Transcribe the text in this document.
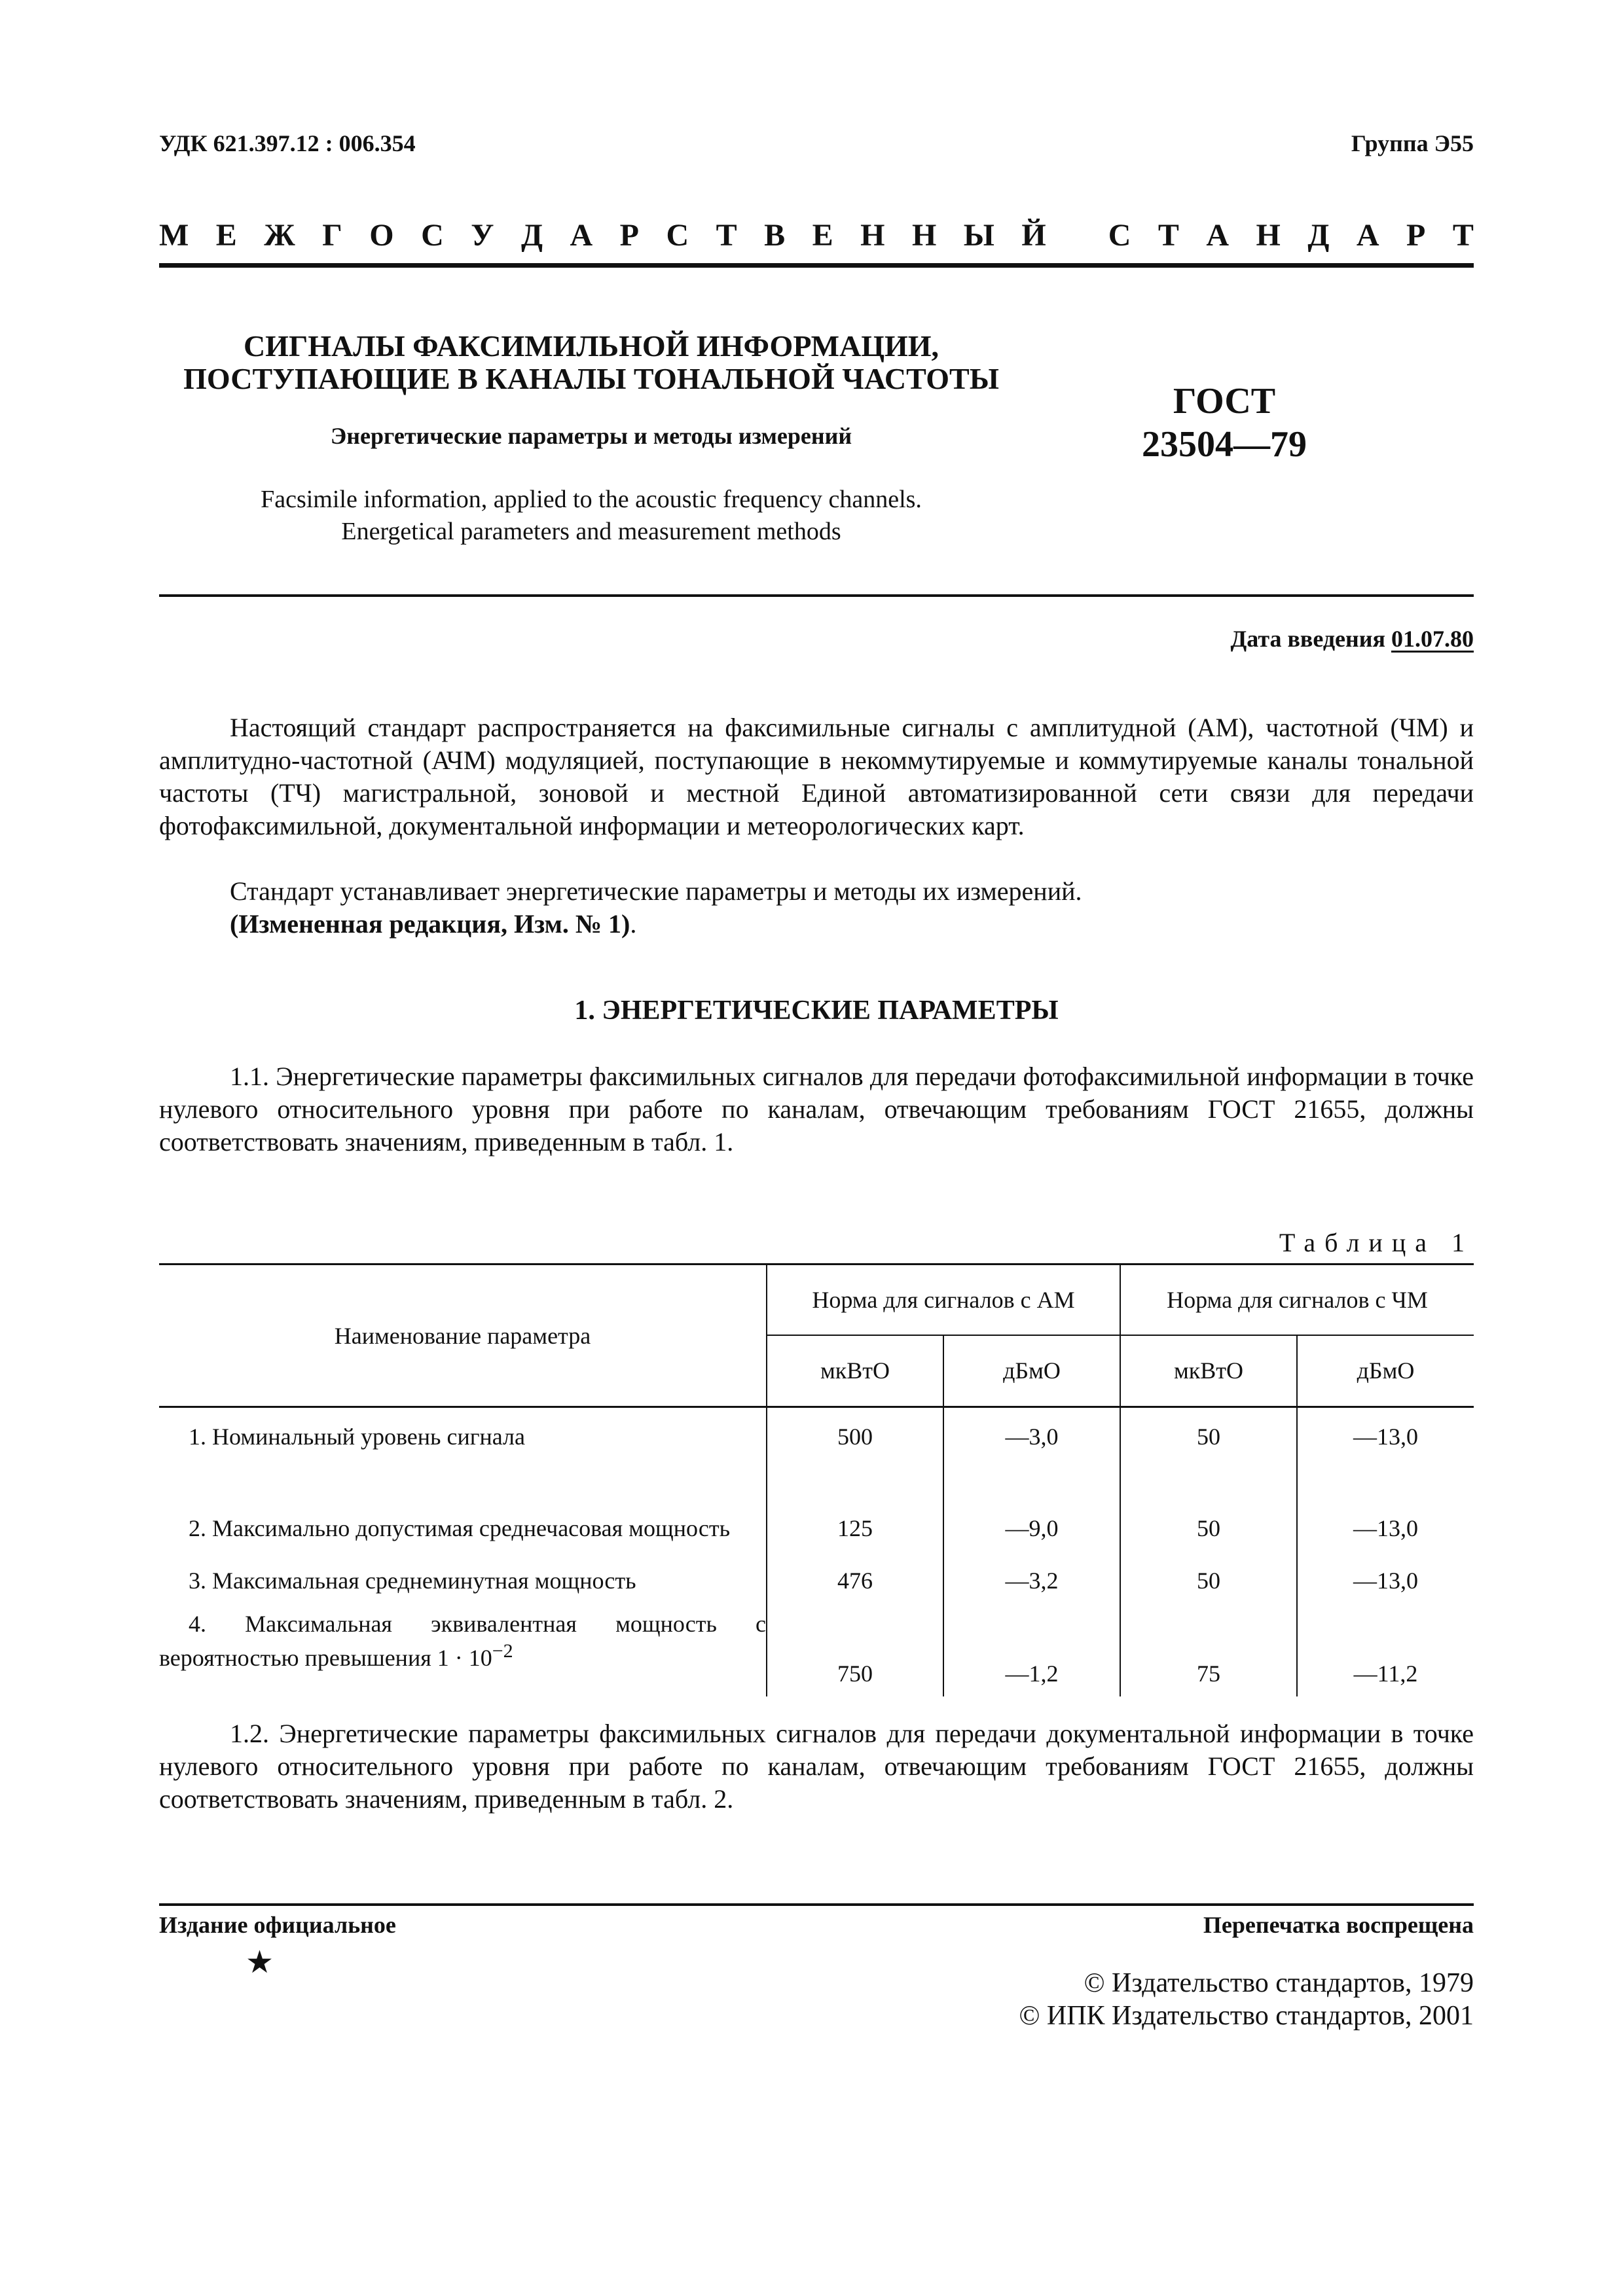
УДК 621.397.12 : 006.354	Группа Э55
М Е Ж Г О С У Д А Р С Т В Е Н Н Ы Й
С Т А Н Д А Р Т
СИГНАЛЫ ФАКСИМИЛЬНОЙ ИНФОРМАЦИИ,
ПОСТУПАЮЩИЕ В КАНАЛЫ ТОНАЛЬНОЙ ЧАСТОТЫ
Энергетические параметры и методы измерений
Facsimile information, applied to the acoustic frequency channels.
Energetical parameters and measurement methods
ГОСТ
23504—79
Дата введения 01.07.80
Настоящий стандарт распространяется на факсимильные сигналы с амплитудной (АМ), частотной (ЧМ) и амплитудно-частотной (АЧМ) модуляцией, поступающие в некоммутируемые и коммутируемые каналы тональной частоты (ТЧ) магистральной, зоновой и местной Единой автоматизированной сети связи для передачи фотофаксимильной, документальной информации и метеорологических карт.
Стандарт устанавливает энергетические параметры и методы их измерений.
(Измененная редакция, Изм. № 1).
1. ЭНЕРГЕТИЧЕСКИЕ ПАРАМЕТРЫ
1.1. Энергетические параметры факсимильных сигналов для передачи фотофаксимильной информации в точке нулевого относительного уровня при работе по каналам, отвечающим требованиям ГОСТ 21655, должны соответствовать значениям, приведенным в табл. 1.
Таблица 1
Наименование параметра	Норма для сигналов с АМ		Норма для сигналов с ЧМ	
	мкВтО	дБмО	мкВтО	дБмО
1. Номинальный уровень сигнала	500	—3,0	50	—13,0
2. Максимально допустимая среднечасовая мощность	125	—9,0	50	—13,0
3. Максимальная среднеминутная мощность	476	—3,2	50	—13,0
4. Максимальная эквивалентная мощность с вероятностью превышения $1 \cdot 10^{-2}$	750	—1,2	75	—11,2
1.2. Энергетические параметры факсимильных сигналов для передачи документальной информации в точке нулевого относительного уровня при работе по каналам, отвечающим требованиям ГОСТ 21655, должны соответствовать значениям, приведенным в табл. 2.
Издание официальное
★
Перепечатка воспрещена
© Издательство стандартов, 1979
© ИПК Издательство стандартов, 2001
